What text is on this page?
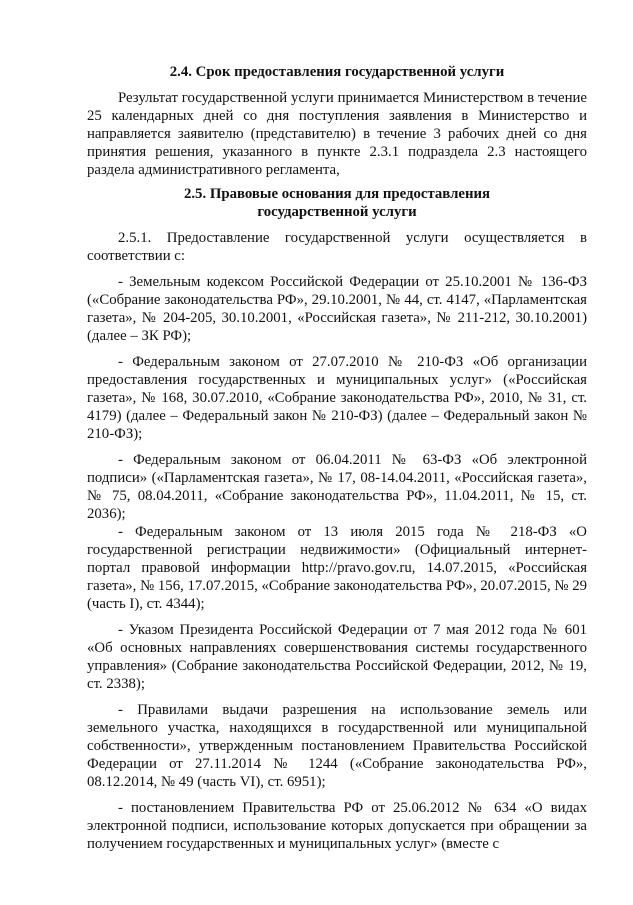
2.4. Срок предоставления государственной услуги

Результат государственной услуги принимается Министерством в течение 25 календарных дней со дня поступления заявления в Министерство и направляется заявителю (представителю) в течение 3 рабочих дней со дня принятия решения, указанного в пункте 2.3.1 подраздела 2.3 настоящего раздела административного регламента,

2.5. Правовые основания для предоставления
государственной услуги

2.5.1. Предоставление государственной услуги осуществляется в соответствии с:

- Земельным кодексом Российской Федерации от 25.10.2001 № 136-ФЗ («Собрание законодательства РФ», 29.10.2001, № 44, ст. 4147, «Парламентская газета», № 204-205, 30.10.2001, «Российская газета», № 211-212, 30.10.2001) (далее – ЗК РФ);

- Федеральным законом от 27.07.2010 № 210-ФЗ «Об организации предоставления государственных и муниципальных услуг» («Российская газета», № 168, 30.07.2010, «Собрание законодательства РФ», 2010, № 31, ст. 4179) (далее – Федеральный закон № 210-ФЗ) (далее – Федеральный закон № 210-ФЗ);

- Федеральным законом от 06.04.2011 № 63-ФЗ «Об электронной подписи» («Парламентская газета», № 17, 08-14.04.2011, «Российская газета», № 75, 08.04.2011, «Собрание законодательства РФ», 11.04.2011, № 15, ст. 2036);

- Федеральным законом от 13 июля 2015 года № 218-ФЗ «О государственной регистрации недвижимости» (Официальный интернет-портал правовой информации http://pravo.gov.ru, 14.07.2015, «Российская газета», № 156, 17.07.2015, «Собрание законодательства РФ», 20.07.2015, № 29 (часть I), ст. 4344);

- Указом Президента Российской Федерации от 7 мая 2012 года № 601 «Об основных направлениях совершенствования системы государственного управления» (Собрание законодательства Российской Федерации, 2012, № 19, ст. 2338);

- Правилами выдачи разрешения на использование земель или земельного участка, находящихся в государственной или муниципальной собственности», утвержденным постановлением Правительства Российской Федерации от 27.11.2014 № 1244 («Собрание законодательства РФ», 08.12.2014, № 49 (часть VI), ст. 6951);

- постановлением Правительства РФ от 25.06.2012 № 634 «О видах электронной подписи, использование которых допускается при обращении за получением государственных и муниципальных услуг» (вместе с
